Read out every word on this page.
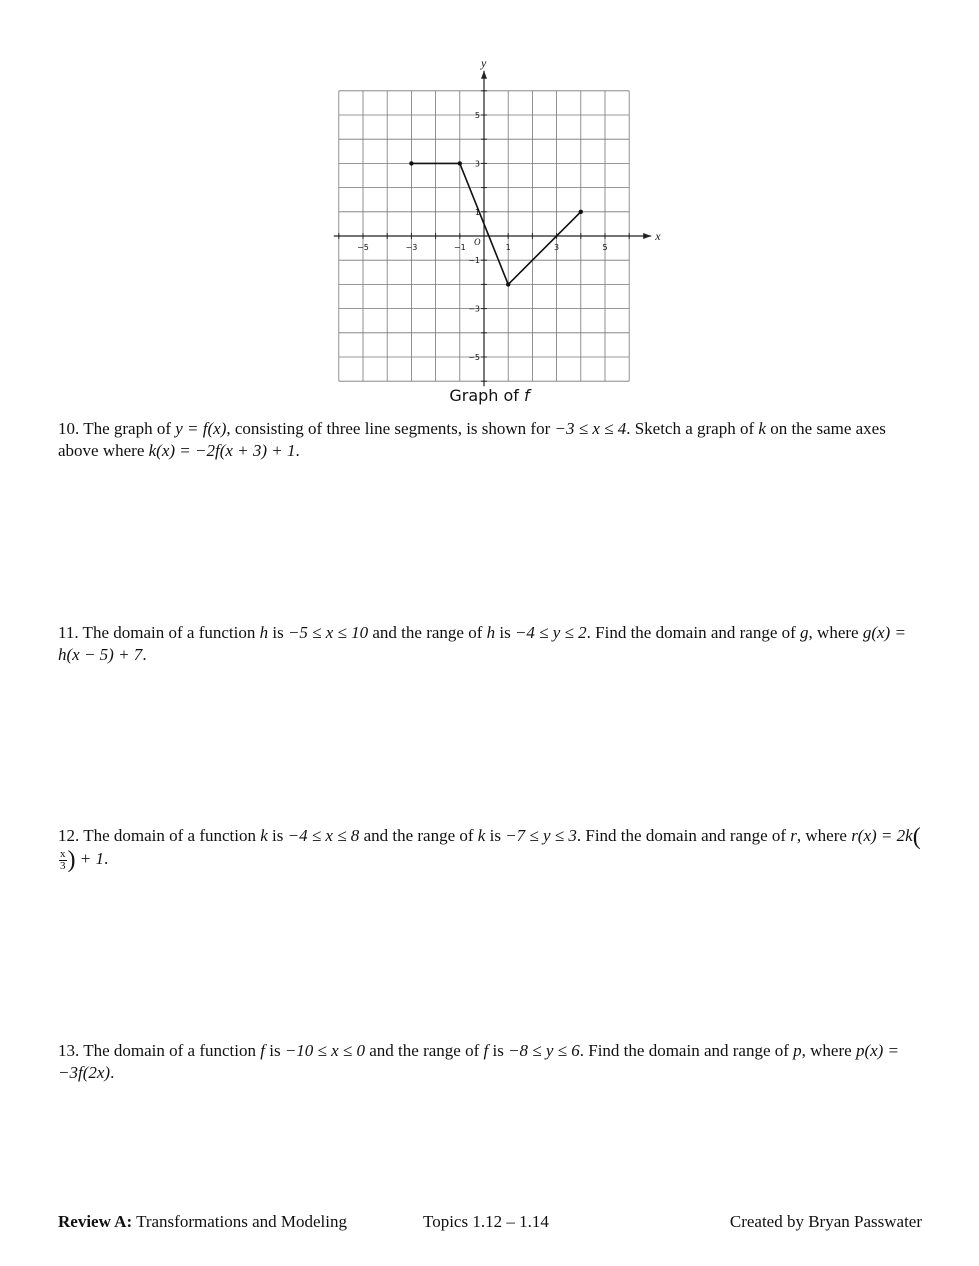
x
y
O
−5	−3	−1	1	3	5
5
3
1
−1
−3
−5
Graph of f
10. The graph of y = f(x), consisting of three line segments, is shown for −3 ≤ x ≤ 4. Sketch a graph of k on the same axes above where k(x) = −2f(x + 3) + 1.
11. The domain of a function h is −5 ≤ x ≤ 10 and the range of h is −4 ≤ y ≤ 2. Find the domain and range of g, where g(x) = h(x − 5) + 7.
12. The domain of a function k is −4 ≤ x ≤ 8 and the range of k is −7 ≤ y ≤ 3. Find the domain and range of r, where r(x) = 2k(
$\frac{x}{3}$ ) + 1.
13. The domain of a function f is −10 ≤ x ≤ 0 and the range of f is −8 ≤ y ≤ 6. Find the domain and range of p, where p(x) = −3f(2x).
Review A: Transformations and Modeling	Topics 1.12 – 1.14	Created by Bryan Passwater
